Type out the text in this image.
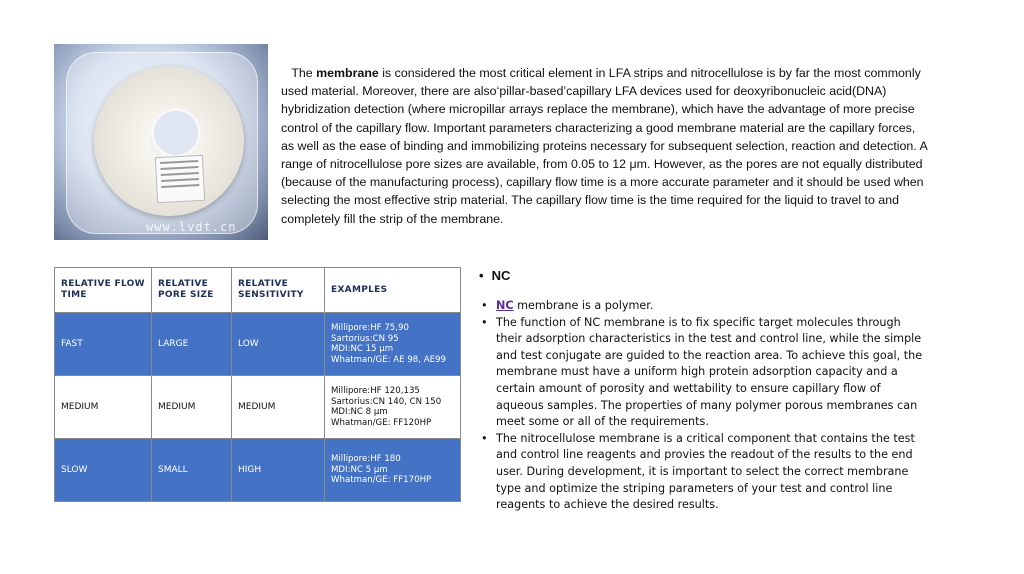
www.lvdt.cn

The membrane is considered the most critical element in LFA strips and nitrocellulose is by far the most commonly used material. Moreover, there are also‘pillar-based’capillary LFA devices used for deoxyribonucleic acid(DNA) hybridization detection (where micropillar arrays replace the membrane), which have the advantage of more precise control of the capillary flow. Important parameters characterizing a good membrane material are the capillary forces, as well as the ease of binding and immobilizing proteins necessary for subsequent selection, reaction and detection. A range of nitrocellulose pore sizes are available, from 0.05 to 12 μm. However, as the pores are not equally distributed (because of the manufacturing process), capillary flow time is a more accurate parameter and it should be used when selecting the most effective strip material. The capillary flow time is the time required for the liquid to travel to and completely fill the strip of the membrane.

RELATIVE FLOW TIME	RELATIVE PORE SIZE	RELATIVE SENSITIVITY	EXAMPLES
FAST	LARGE	LOW	Millipore:HF 75,90
Sartorius:CN 95
MDI:NC 15 μm
Whatman/GE: AE 98, AE99
MEDIUM	MEDIUM	MEDIUM	Millipore:HF 120,135
Sartorius:CN 140, CN 150
MDI:NC 8 μm
Whatman/GE: FF120HP
SLOW	SMALL	HIGH	Millipore:HF 180
MDI:NC 5 μm
Whatman/GE: FF170HP

• NC

• NC membrane is a polymer.
• The function of NC membrane is to fix specific target molecules through their adsorption characteristics in the test and control line, while the simple and test conjugate are guided to the reaction area. To achieve this goal, the membrane must have a uniform high protein adsorption capacity and a certain amount of porosity and wettability to ensure capillary flow of aqueous samples. The properties of many polymer porous membranes can meet some or all of the requirements.
• The nitrocellulose membrane is a critical component that contains the test and control line reagents and provies the readout of the results to the end user. During development, it is important to select the correct membrane type and optimize the striping parameters of your test and control line reagents to achieve the desired results.
